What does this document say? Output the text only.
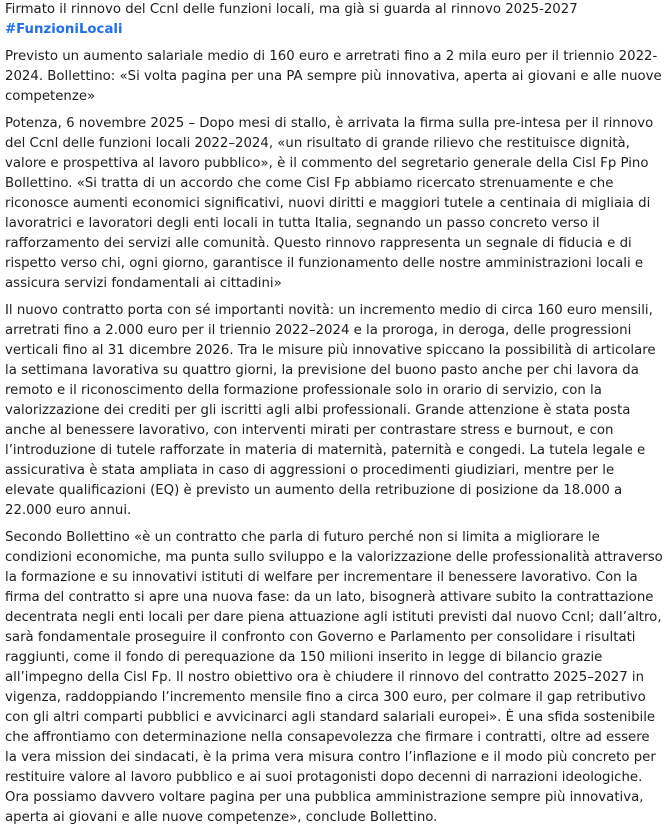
Firmato il rinnovo del Ccnl delle funzioni locali, ma già si guarda al rinnovo 2025-2027

#FunzioniLocali

Previsto un aumento salariale medio di 160 euro e arretrati fino a 2 mila euro per il triennio 2022-2024. Bollettino: «Si volta pagina per una PA sempre più innovativa, aperta ai giovani e alle nuove competenze»

Potenza, 6 novembre 2025 – Dopo mesi di stallo, è arrivata la firma sulla pre-intesa per il rinnovo del Ccnl delle funzioni locali 2022–2024, «un risultato di grande rilievo che restituisce dignità, valore e prospettiva al lavoro pubblico», è il commento del segretario generale della Cisl Fp Pino Bollettino. «Si tratta di un accordo che come Cisl Fp abbiamo ricercato strenuamente e che riconosce aumenti economici significativi, nuovi diritti e maggiori tutele a centinaia di migliaia di lavoratrici e lavoratori degli enti locali in tutta Italia, segnando un passo concreto verso il rafforzamento dei servizi alle comunità. Questo rinnovo rappresenta un segnale di fiducia e di rispetto verso chi, ogni giorno, garantisce il funzionamento delle nostre amministrazioni locali e assicura servizi fondamentali ai cittadini»

Il nuovo contratto porta con sé importanti novità: un incremento medio di circa 160 euro mensili, arretrati fino a 2.000 euro per il triennio 2022–2024 e la proroga, in deroga, delle progressioni verticali fino al 31 dicembre 2026. Tra le misure più innovative spiccano la possibilità di articolare la settimana lavorativa su quattro giorni, la previsione del buono pasto anche per chi lavora da remoto e il riconoscimento della formazione professionale solo in orario di servizio, con la valorizzazione dei crediti per gli iscritti agli albi professionali. Grande attenzione è stata posta anche al benessere lavorativo, con interventi mirati per contrastare stress e burnout, e con l’introduzione di tutele rafforzate in materia di maternità, paternità e congedi. La tutela legale e assicurativa è stata ampliata in caso di aggressioni o procedimenti giudiziari, mentre per le elevate qualificazioni (EQ) è previsto un aumento della retribuzione di posizione da 18.000 a 22.000 euro annui.

Secondo Bollettino «è un contratto che parla di futuro perché non si limita a migliorare le condizioni economiche, ma punta sullo sviluppo e la valorizzazione delle professionalità attraverso la formazione e su innovativi istituti di welfare per incrementare il benessere lavorativo. Con la firma del contratto si apre una nuova fase: da un lato, bisognerà attivare subito la contrattazione decentrata negli enti locali per dare piena attuazione agli istituti previsti dal nuovo Ccnl; dall’altro, sarà fondamentale proseguire il confronto con Governo e Parlamento per consolidare i risultati raggiunti, come il fondo di perequazione da 150 milioni inserito in legge di bilancio grazie all’impegno della Cisl Fp. Il nostro obiettivo ora è chiudere il rinnovo del contratto 2025–2027 in vigenza, raddoppiando l’incremento mensile fino a circa 300 euro, per colmare il gap retributivo con gli altri comparti pubblici e avvicinarci agli standard salariali europei». È una sfida sostenibile che affrontiamo con determinazione nella consapevolezza che firmare i contratti, oltre ad essere la vera mission dei sindacati, è la prima vera misura contro l’inflazione e il modo più concreto per restituire valore al lavoro pubblico e ai suoi protagonisti dopo decenni di narrazioni ideologiche. Ora possiamo davvero voltare pagina per una pubblica amministrazione sempre più innovativa, aperta ai giovani e alle nuove competenze», conclude Bollettino.
